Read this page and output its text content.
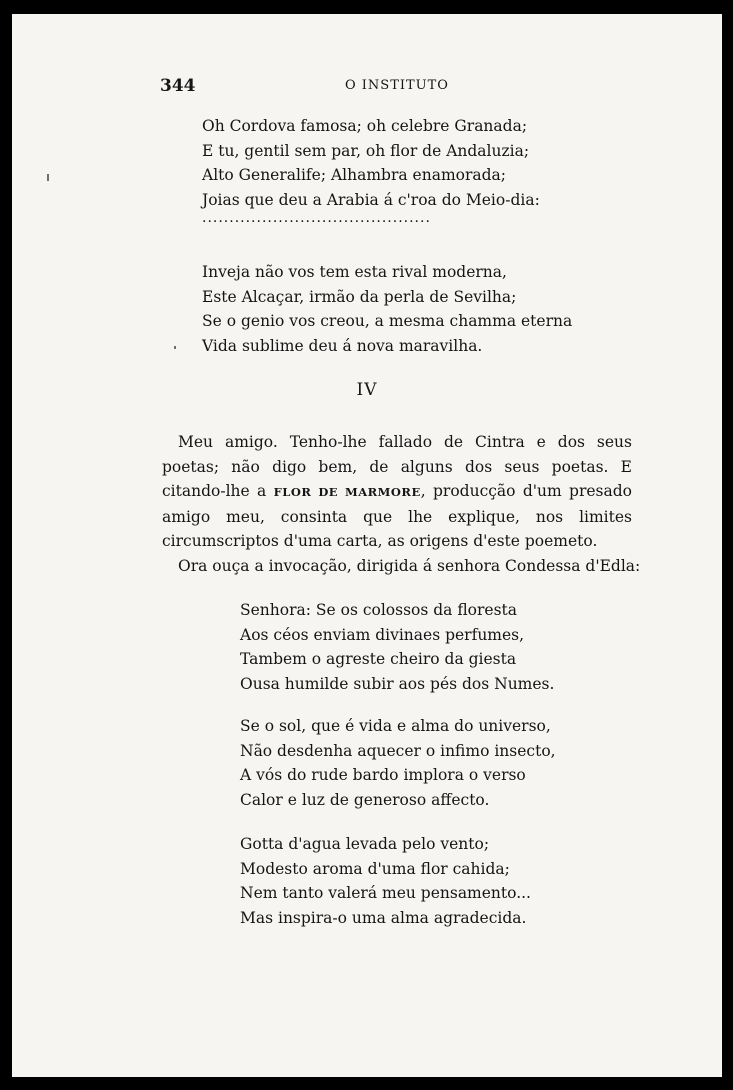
344	O INSTITUTO

Oh Cordova famosa; oh celebre Granada;
E tu, gentil sem par, oh flor de Andaluzia;
Alto Generalife; Alhambra enamorada;
Joias que deu a Arabia á c'roa do Meio-dia:

..........................................

Inveja não vos tem esta rival moderna,
Este Alcaçar, irmão da perla de Sevilha;
Se o genio vos creou, a mesma chamma eterna
Vida sublime deu á nova maravilha.

IV

Meu amigo. Tenho-lhe fallado de Cintra e dos seus poetas; não digo bem, de alguns dos seus poetas. E citando-lhe a FLOR DE MARMORE, producção d'um presado amigo meu, consinta que lhe explique, nos limites circumscriptos d'uma carta, as origens d'este poemeto.

Ora ouça a invocação, dirigida á senhora Condessa d'Edla:

Senhora: Se os colossos da floresta
Aos céos enviam divinaes perfumes,
Tambem o agreste cheiro da giesta
Ousa humilde subir aos pés dos Numes.

Se o sol, que é vida e alma do universo,
Não desdenha aquecer o infimo insecto,
A vós do rude bardo implora o verso
Calor e luz de generoso affecto.

Gotta d'agua levada pelo vento;
Modesto aroma d'uma flor cahida;
Nem tanto valerá meu pensamento...
Mas inspira-o uma alma agradecida.
